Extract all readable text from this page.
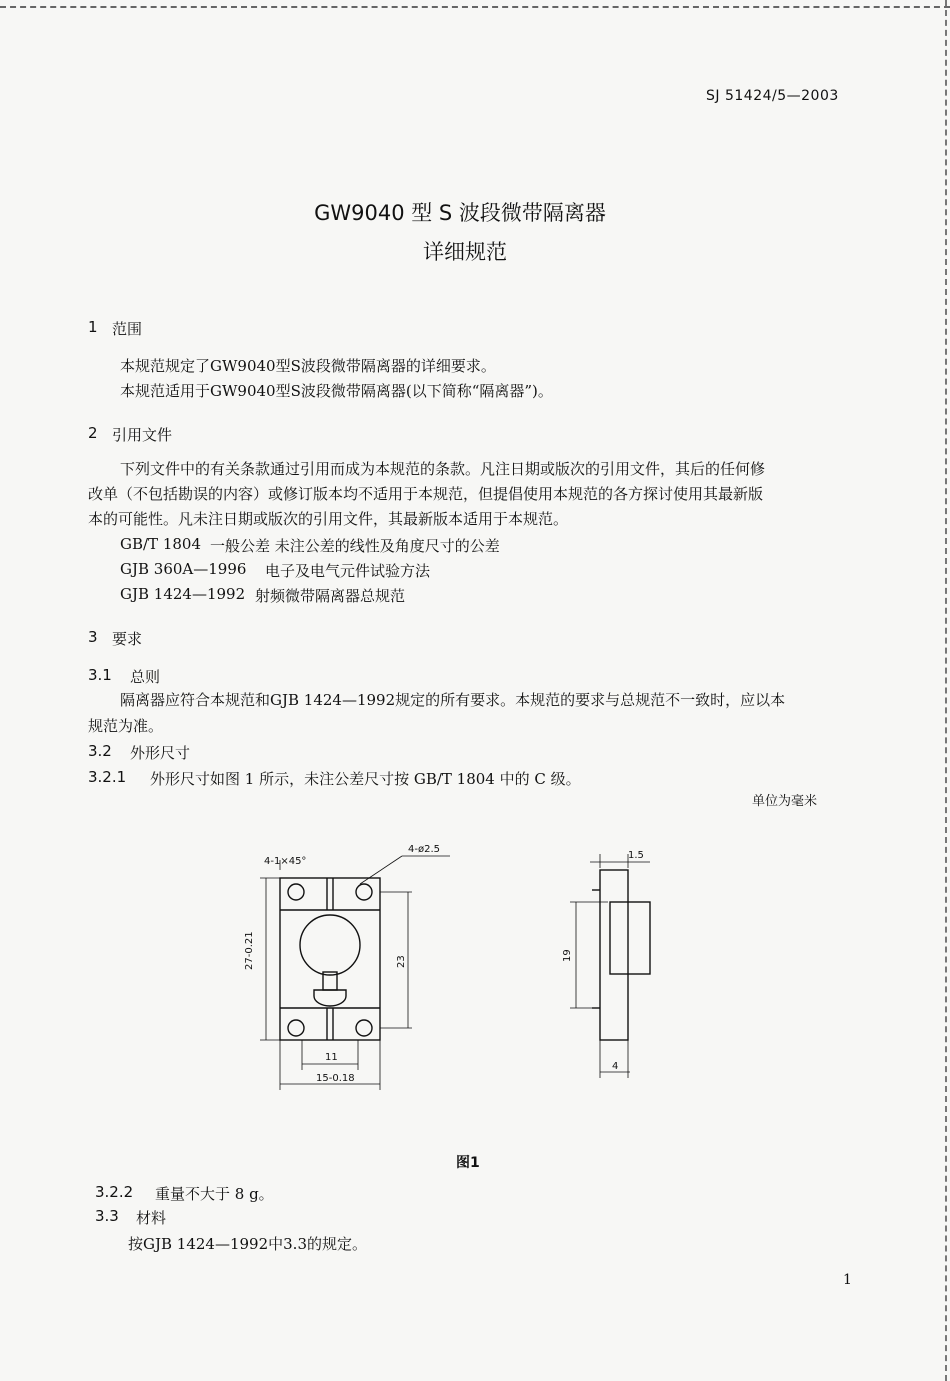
SJ 51424/5—2003
GW9040 型 S 波段微带隔离器
详细规范
1 范围
本规范规定了GW9040型S波段微带隔离器的详细要求。
本规范适用于GW9040型S波段微带隔离器(以下简称“隔离器”)。
2 引用文件
下列文件中的有关条款通过引用而成为本规范的条款。凡注日期或版次的引用文件，其后的任何修
改单（不包括勘误的内容）或修订版本均不适用于本规范，但提倡使用本规范的各方探讨使用其最新版
本的可能性。凡未注日期或版次的引用文件，其最新版本适用于本规范。
GB/T 1804 一般公差 未注公差的线性及角度尺寸的公差
GJB 360A—1996 电子及电气元件试验方法
GJB 1424—1992 射频微带隔离器总规范
3 要求
3.1 总则
隔离器应符合本规范和GJB 1424—1992规定的所有要求。本规范的要求与总规范不一致时，应以本
规范为准。
3.2 外形尺寸
3.2.1 外形尺寸如图 1 所示，未注公差尺寸按 GB/T 1804 中的 C 级。
单位为毫米
4-1×45°
4-ø2.5
27-0.21	23
11
15-0.18
1.5
19
4
图1
3.2.2 重量不大于 8 g。
3.3 材料
按GJB 1424—1992中3.3的规定。
1
